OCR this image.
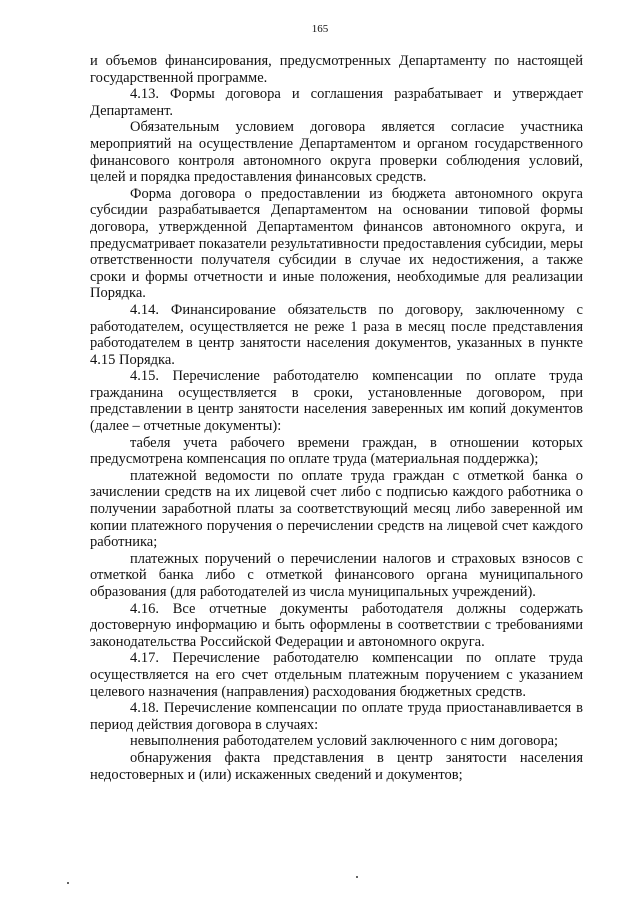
165

и объемов финансирования, предусмотренных Департаменту по настоящей государственной программе.

4.13. Формы договора и соглашения разрабатывает и утверждает Департамент.

Обязательным условием договора является согласие участника мероприятий на осуществление Департаментом и органом государственного финансового контроля автономного округа проверки соблюдения условий, целей и порядка предоставления финансовых средств.

Форма договора о предоставлении из бюджета автономного округа субсидии разрабатывается Департаментом на основании типовой формы договора, утвержденной Департаментом финансов автономного округа, и предусматривает показатели результативности предоставления субсидии, меры ответственности получателя субсидии в случае их недостижения, а также сроки и формы отчетности и иные положения, необходимые для реализации Порядка.

4.14. Финансирование обязательств по договору, заключенному с работодателем, осуществляется не реже 1 раза в месяц после представления работодателем в центр занятости населения документов, указанных в пункте 4.15 Порядка.

4.15. Перечисление работодателю компенсации по оплате труда гражданина осуществляется в сроки, установленные договором, при представлении в центр занятости населения заверенных им копий документов (далее – отчетные документы):

табеля учета рабочего времени граждан, в отношении которых предусмотрена компенсация по оплате труда (материальная поддержка);

платежной ведомости по оплате труда граждан с отметкой банка о зачислении средств на их лицевой счет либо с подписью каждого работника о получении заработной платы за соответствующий месяц либо заверенной им копии платежного поручения о перечислении средств на лицевой счет каждого работника;

платежных поручений о перечислении налогов и страховых взносов с отметкой банка либо с отметкой финансового органа муниципального образования (для работодателей из числа муниципальных учреждений).

4.16. Все отчетные документы работодателя должны содержать достоверную информацию и быть оформлены в соответствии с требованиями законодательства Российской Федерации и автономного округа.

4.17. Перечисление работодателю компенсации по оплате труда осуществляется на его счет отдельным платежным поручением с указанием целевого назначения (направления) расходования бюджетных средств.

4.18. Перечисление компенсации по оплате труда приостанавливается в период действия договора в случаях:

невыполнения работодателем условий заключенного с ним договора;

обнаружения факта представления в центр занятости населения недостоверных и (или) искаженных сведений и документов;
